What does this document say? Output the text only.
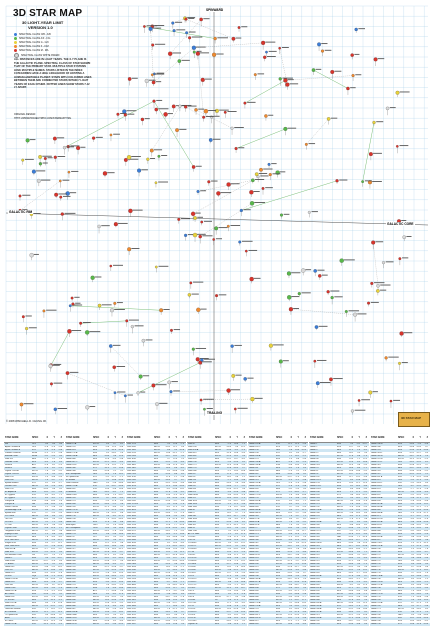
3D STAR MAP
30 LIGHT-YEAR LIMIT
VERSION 1.0
SPECTRAL CLASS O/B - A/B
SPECTRAL CLASS A/F - F/G
SPECTRAL CLASS G - G/K
SPECTRAL CLASS K - K/M
SPECTRAL CLASS M - M/L
SPECTRAL CLASS WHITE DWARF
ALL DISTANCES ARE IN LIGHT YEARS. THE X-Y PLANE IS THE GALACTIC PLANE. SPECTRAL CLASS OF STAR SHOWN THAT OF THE PRIMARY STAR. MULTIPLE STAR SYSTEMS HAVE MULTIPLE NAMES. STARS LISTED IN THE INDEX CATEGORIES HAVE A HIGH LIKELIHOOD OF HOSTING A HUMAN-HABITABLE PLANET. STARS WITH COLOURED LINES BETWEEN THEM ARE CONNECTED STARS WITHIN 7 LIGHT YEARS OF EACH OTHER. DOTTED LINES SHOW STARS 7-12 LY APART.
ORIGINAL DESIGN:
HTTP://WWW.PROJECTRHO.COM/STARMAP.HTML
SPINWARD
TRAILING
GALACTIC RIM
GALACTIC CORE
© 2008 WINCHELL D. CHUNG JR.
3D STAR MAP
STAR NAME	SPEC	X	Y	Z
Sol	G2V	0.0	0.0	0.0
Alpha Centauri A	G2V	-1.6	-1.4	-3.8
Alpha Centauri B	K1V	-1.6	-1.4	-3.8
Proxima Centauri	M5Ve	-1.5	-1.2	-3.8
Barnard's Star	M4Ve	-0.1	-5.9	0.5
Wolf 359	M6V	-7.4	2.2	1.0
Lalande 21185	M2V	-6.5	1.6	4.9
Sirius A	A1V	-1.6	8.1	-2.5
Sirius B	DA2	-1.6	8.1	-2.5
Luyten 726-8 A	M5.5V	7.6	3.5	-3.1
Luyten 726-8 B	M6V	7.6	3.5	-3.1
Ross 154	M3.5V	1.9	-8.6	-3.9
Ross 248	M5.5V	7.4	-0.7	7.2
Epsilon Eridani	K2V	6.2	8.3	-1.7
Lacaille 9352	M0.5V	8.5	-2.0	-6.3
Ross 128	M4V	-10.9	0.6	0.1
EZ Aquarii A	M5V	10.2	-3.7	-3.0
61 Cygni A	K5V	6.5	-6.1	7.1
61 Cygni B	K7V	6.5	-6.1	7.1
Procyon A	F5IV	-4.8	10.3	1.0
Procyon B	DA	-4.8	10.3	1.0
Struve 2398 A	M3V	1.1	-5.8	9.9
Groombridge 34 A	M1.5V	8.3	0.7	8.1
Epsilon Indi	K5V	5.7	-3.5	-9.3
DX Cancri	M6.5V	-6.4	8.4	5.2
Tau Ceti	G8V	10.3	5.0	-3.3
GJ 1061	M5.5V	5.1	7.1	-9.4
YZ Ceti	M4.5V	11.0	3.6	-3.5
Luyten's Star	M3.5V	-4.6	11.4	1.1
Teegarden's Star	M6.5V	8.7	8.2	3.6
Kapteyn's Star	M1V	1.9	8.8	-9.0
Lacaille 8760	M0V	7.6	-6.5	-8.1
SCR 1845-6357	M8.5V	1.0	-5.4	-11.2
Kruger 60 A	M3V	6.3	-2.7	11.1
DEN 1048-3956	M9V	-3.7	-2.8	-12.0
Ross 614 A	M4.5V	-1.7	13.2	-0.7
Wolf 1061	M3.5V	-5.1	-12.9	3.5
Van Maanen's Star	DG	13.7	2.9	1.3
Gliese 1	M3V	5.0	-0.2	-13.7
Wolf 424 A	M5.5V	-13.7	-1.4	4.3
TZ Arietis	M4.5V	12.3	3.2	6.5
Gliese 687	M3.5V	-0.6	-5.1	14.1
LHS 292	M6.5V	-11.0	10.0	0.5
Gliese 674	M3V	-4.5	-13.9	-1.6
GJ 440	DQ6	-6.6	-7.5	-12.0
Gliese 1245 A	M5.5V	5.3	-13.4	3.5
Gliese 876	M4V	14.9	-2.8	-2.7
LHS 288	M5.5V	-5.9	8.7	-11.3
Gliese 1002	M5.5V	14.3	-0.5	-7.0
Gliese 412 A	M1V	-7.9	-1.1	13.5
AD Leonis	M3V	-15.0	3.1	3.2
Gliese 832	M1.5V	10.2	-7.0	-9.6
LP 816-60	M4V	12.1	-11.9	-1.2
Stein 2051 A	M4V	8.0	7.8	12.6
Gliese 682	M4.5V	-2.1	-15.2	-5.2
Omicron2 Eridani	K0V	7.2	14.1	-2.1
EV Lacertae	M3.5V	11.1	-3.7	11.5
70 Ophiuchi A	K0V	0.4	-16.6	0.7
Altair	A7V	7.7	-14.6	2.6
EI Cancri	M5.5V	-11.3	11.5	5.8
Gliese 570 A	K4V	-11.5	-12.9	-2.5
STAR NAME	SPEC	X	Y	Z
Gliese 15 A	M1.5V	8.3	0.7	8.1
Gliese 229	M1V	-3.6	12.5	-8.8
Gliese 693	M2V	2.3	-11.4	-12.4
Gliese 752 A	M3V	4.5	-18.2	2.4
Gliese 338 A	M0V	-10.0	9.8	12.4
Gliese 866	M5V	12.8	-6.3	-9.8
Gliese 667 C	M1.5V	-12.1	-14.2	-4.9
Gliese 1116	M5.5V	-7.8	15.1	7.5
Gliese 380	K7V	-11.5	3.1	13.6
Gliese 388	M3V	-15.6	2.1	9.2
Eta Cassiopeiae	G0V	11.0	1.6	14.2
36 Ophiuchi A	K1V	-3.1	-17.1	-7.2
82 Eridani	G5V	5.1	10.8	-15.4
Delta Pavonis	G8IV	4.3	-5.6	-18.4
Gliese 783 A	K3V	9.1	-10.7	-14.6
Gliese 892	K3V	13.0	-4.6	14.4
Xi Bootis A	G8V	-16.2	-8.2	7.5
Gliese 1005	M4V	15.8	1.9	-10.7
Gliese 205	M1.5V	0.7	18.6	-4.5
Gliese 251	M3V	-5.5	17.8	4.3
Gliese 408	M2.5V	-18.3	-2.2	5.8
Gliese 526	M1.5V	-17.5	-6.0	5.2
Gliese 702 B	K4V	1.1	-17.0	-9.3
Gliese 1230 A	M4.5V	2.6	-19.1	4.8
Gliese 754	M4.5V	5.0	-8.2	-17.9
Gliese 784	K7V	7.0	-10.2	-16.5
Gliese 908	M1V	17.6	0.8	8.8
Beta Hydri	G2IV	5.1	1.0	-20.4
Mu Cassiopeiae	G5VI	14.0	3.0	14.8
Gliese 433	M1.5V	-16.9	-7.6	-8.3
Gliese 793	M3V	4.6	-9.6	18.4
Gliese 35	DZ7	14.1	9.3	-9.1
Gliese 83.1	M4.5V	13.1	9.4	11.7
Gliese 109	M3V	12.1	12.3	9.8
Gliese 299	M4V	-10.2	18.4	3.6
Gliese 317	M3.5V	-7.8	16.5	-11.2
Gliese 357	M2.5V	-12.6	14.3	-9.7
Gliese 398	M4V	-17.3	6.2	-9.4
Gliese 465	M2V	-14.1	-4.1	-14.9
Gliese 486	M3.5V	-19.8	-2.1	5.4
Gliese 514	M0.5V	-18.8	-6.5	5.7
Gliese 555	M4V	-12.1	-15.8	-3.7
Gliese 588	M2.5V	-9.1	-15.9	-9.3
Gliese 625	M1.5V	-2.8	-8.3	19.3
Gliese 628	M3.5V	-6.4	-18.9	2.2
Gliese 643	M3.5V	-5.8	-18.6	-3.1
Gliese 686	M1V	-0.5	-15.1	13.3
Gliese 701	M1V	2.0	-20.2	-2.5
Gliese 725 A	M3V	1.8	-6.4	10.4
Gliese 768	A7V	7.7	-14.6	2.6
Gliese 809	M0V	8.5	-8.2	17.4
Gliese 829	M3.5V	13.3	-13.1	5.9
Gliese 846	M0.5V	14.5	-13.4	-2.6
Gliese 849	M3.5V	15.6	-12.5	-3.2
Gliese 880	M1.5V	17.0	-8.3	6.6
Gliese 887	M0.5V	8.5	-2.0	-6.3
Gliese 896 A	M3.5V	13.4	-3.1	10.2
Gliese 9066	M5V	13.2	9.3	6.1
Gliese 3379	M3.5V	-2.7	16.3	-2.6
Gliese 3618	M5V	-15.6	6.2	-6.3
Gliese 4274	M4.5V	14.1	-3.0	-15.5
STAR NAME	SPEC	X	Y	Z
LHS 1723	M4V	3.5	15.6	-7.4
LHS 2090	M6.5V	-10.5	11.1	4.4
LHS 1565	M5.5V	8.6	9.9	-12.8
LHS 3799	M4.5V	10.8	-11.2	-7.2
LHS 2206	M4V	-14.7	10.2	3.9
LHS 1610	M5V	9.7	12.4	2.5
LHS 3262	M4V	-15.2	-5.3	-8.9
LHS 1805	M3.5V	-3.8	17.4	-6.2
LHS 1302	M4.5V	16.3	4.6	-6.1
LHS 3685	M4V	4.5	-14.6	-9.6
LHS 2159	M3V	-13.3	8.8	8.2
LHS 1134	M3V	17.6	1.1	-5.8
LHS 2320	M4.5V	-16.9	5.7	6.7
LHS 3001	M5V	-14.2	-10.3	-4.4
LHS 1474	M4V	11.5	10.0	-10.3
LHS 3376	M4.5V	-8.1	-13.8	10.2
LHS 2784	M3V	-17.8	-5.6	-4.1
LHS 1005	M4V	15.4	-1.3	-11.5
LHS 3739	M4V	8.9	-15.4	-2.6
LHS 2945	M3.5V	-15.4	-9.7	6.4
LHS 1723 B	M5V	3.5	15.6	-7.4
LHS 1951	M4V	-6.1	17.9	5.3
LHS 3853	M3V	12.1	-12.7	5.1
LHS 2520	M3.5V	-18.4	2.1	-7.4
LHS 1049	M4V	16.8	-3.3	8.6
LHS 3583	M3V	1.6	-17.8	8.2
LHS 2397	M8V	-17.2	2.6	-10.3
LHS 1378	M3V	12.6	7.7	-12.4
LHS 3056	M4V	-12.8	-13.5	4.9
LHS 2471	M4.5V	-16.1	7.3	-9.2
LHS 1197	M3.5V	16.5	-1.2	10.4
LHS 3343	M4V	-6.3	-16.6	-9.6
LHS 2686	M4.5V	-19.2	-2.4	6.1
LHS 1633	M3V	8.1	14.9	-8.3
LHS 3492	M4V	-1.5	-14.2	-14.1
LHS 2064	M4V	-10.8	15.3	-5.4
LHS 1287	M3.5V	15.2	5.9	11.2
LHS 3151	M4.5V	-12.7	-11.8	-10.2
LHS 1885	M4V	-3.2	19.7	1.8
LHS 3629	M3.5V	3.7	-13.5	-14.3
LHS 2364	M3V	-14.9	9.8	-8.4
LHS 1058	M4V	18.5	-2.6	-7.1
LHS 3780	M3.5V	9.7	-16.5	4.2
LHS 2565	M4.5V	-19.6	0.9	-6.8
LHS 1375	M4V	13.8	11.4	7.9
LHS 3128	M3.5V	-12.4	-14.8	-6.6
LHS 1930	M4V	-4.7	18.9	-7.1
LHS 3689	M3V	5.9	-16.1	-11.6
LHS 2229	M4V	-13.5	11.7	9.2
LHS 1203	M4.5V	17.3	-0.7	-9.8
LHS 3421	M3.5V	-3.6	-18.2	8.9
LHS 2758	M4V	-18.7	-4.3	-7.8
LHS 1501	M3V	10.8	13.5	-9.2
LHS 3212	M4.5V	-9.8	-15.7	8.4
LHS 1989	M4V	-7.7	16.4	9.9
LHS 3742	M3.5V	7.8	-17.2	-5.1
LHS 2428	M4V	-16.2	8.6	9.7
LHS 1124	M3V	18.2	3.4	7.8
LHS 3569	M4.5V	1.2	-19.1	-7.3
LHS 2627	M3.5V	-20.3	-1.5	2.7
LHS 1547	M4V	10.3	15.8	5.9
STAR NAME	SPEC	X	Y	Z
Ross 47	M4V	-2.9	18.8	7.2
Ross 104	M2.5V	-16.4	3.6	12.1
Ross 458 A	M0.5V	-19.0	-4.2	-1.3
Ross 619	M5V	-11.6	14.8	-4.9
Ross 682	M3.5V	-12.9	14.2	5.3
Ross 695	M4V	-15.1	10.7	-6.2
Ross 730	M2V	-5.9	-19.4	4.1
Ross 775	M3.5V	11.4	-15.8	-3.9
Ross 776	M3V	12.6	-14.9	2.7
Ross 986	M5V	-1.2	10.5	14.8
Ross 33	M3V	17.4	5.1	-4.7
Ross 34	M3.5V	16.2	9.8	1.1
Wolf 294	M4V	-7.1	19.0	-0.8
Wolf 358	M4V	-16.9	5.8	-8.4
Wolf 437	M4V	-18.4	-7.7	-3.2
Wolf 498	M3V	-15.6	-12.2	3.4
Wolf 629	M4V	-4.3	-19.6	-0.8
Wolf 630 A	M4V	-4.4	-19.5	-1.0
Wolf 922	M4.5V	14.9	-10.1	-7.3
Wolf 1055	M3.5V	5.9	-14.7	13.1
Wolf 1453	M1.5V	-1.5	17.9	-9.4
Wolf 1481	M3V	7.8	13.7	-10.9
Wolf 46	M4V	19.2	1.6	-4.9
Wolf 47	M5V	18.1	3.7	7.9
Wolf 940	M4V	16.1	-11.7	-3.6
Wolf 1069	M5V	3.4	-8.2	17.9
Wolf 489	DC9	-19.4	-4.6	6.1
Wolf 562	M3V	-17.3	-11.2	-2.1
Wolf 28	DZ7	14.1	9.3	-9.1
Wolf 1130	M2V	9.5	-11.4	11.8
AC+79 3888	M4V	1.2	4.1	17.3
G 99-49	M4V	-2.6	17.5	-1.0
G 41-14	M3.5V	-14.8	12.6	-0.7
G 208-44	M5.5V	4.9	-6.2	15.1
G 161-71	M4.5V	-15.2	9.1	-8.3
G 180-60	M3.5V	-9.3	-10.1	14.6
G 7-34	M4V	13.5	12.1	-2.9
G 89-32	M5V	-6.8	17.2	4.1
G 131-26	M4V	16.4	-4.8	9.3
G 188-38	M4V	12.8	-7.9	13.1
G 9-38 A	M7V	-12.7	13.8	5.2
G 244-47	M5V	10.1	7.8	16.3
G 203-47	M3.5V	-3.8	-12.2	15.2
G 158-27	M5.5V	15.7	1.0	-5.9
G 32-5	M4V	17.3	4.4	-9.4
G 239-25	M2V	-4.6	4.3	18.8
G 264-12	M4.5V	6.8	-2.4	18.6
G 227-22	M5V	-3.9	-7.2	18.1
G 196-3	M2.5V	-11.5	6.9	14.7
G 87-9	M4V	-5.3	19.4	2.8
G 83-29	M4V	8.2	17.9	-1.6
G 41-8	M3.5V	-17.7	9.4	-3.8
G 99-44	DZ	-2.4	17.9	-2.7
G 272-61	M4V	17.1	6.5	-8.2
G 1-21	M3V	19.6	-1.8	2.9
G 24-16	M3.5V	14.3	-12.6	-5.4
G 169-29	M4V	-13.7	-5.8	13.9
G 102-4	M4V	-4.1	19.2	-3.5
G 111-47	M3V	-8.8	14.5	11.3
G 123-45	M4V	-18.1	-1.9	9.2
Luyten's B	M5V	-4.6	11.4	1.1
STAR NAME	SPEC	X	Y	Z
Gliese 105 A	K3V	11.2	11.5	-5.4
Gliese 105 C	M7V	11.2	11.5	-5.4
Gliese 139	G8V	2.8	13.0	-15.5
Gliese 144	K2V	6.2	8.3	-1.7
Gliese 166 A	K0V	7.2	14.1	-2.1
Gliese 191	M1V	1.9	8.8	-9.0
Gliese 244 A	A1V	-1.6	8.1	-2.5
Gliese 280 A	F5IV	-4.8	10.3	1.0
Gliese 411	M2V	-6.5	1.6	4.9
Gliese 406	M6V	-7.4	2.2	1.0
Gliese 447	M4V	-10.9	0.6	0.1
Gliese 473 A	M5.5V	-13.7	-1.4	4.3
Gliese 551	M5.5V	-1.5	-1.2	-3.8
Gliese 559 A	G2V	-1.6	-1.4	-3.8
Gliese 559 B	K1V	-1.6	-1.4	-3.8
Gliese 699	M4V	-0.1	-5.9	0.5
Gliese 710	K7V	-2.1	-30.2	-1.7
Gliese 725 B	M3.5V	1.8	-6.4	10.4
Gliese 729	M3.5V	1.9	-8.6	-3.9
Gliese 820 A	K5V	6.5	-6.1	7.1
Gliese 820 B	K7V	6.5	-6.1	7.1
Gliese 845	K5V	5.7	-3.5	-9.3
Gliese 860 A	M3V	6.3	-2.7	11.1
Gliese 866 B	M5V	10.2	-3.7	-3.0
Gliese 905	M5.5V	7.4	-0.7	7.2
Gliese 15 B	M3.5V	8.3	0.7	8.1
Gliese 65 A	M5.5V	7.6	3.5	-3.1
Gliese 65 B	M6V	7.6	3.5	-3.1
Gliese 71	G8V	10.3	5.0	-3.3
Gliese 83.1 B	M4.5V	13.1	9.4	11.7
Gliese 273	M3.5V	-4.6	11.4	1.1
Gliese 285	M4.5V	-7.5	13.1	2.4
Gliese 300	M3.5V	-6.3	12.9	-10.1
Gliese 367	M1V	-8.5	6.9	-12.3
Gliese 382	M1.5V	-14.7	4.3	-7.9
Gliese 393	M2V	-16.1	2.8	4.6
Gliese 402	M4V	-15.3	2.2	-8.0
Gliese 413.1	M2V	-16.7	-0.6	-9.1
Gliese 431	M3.5V	-13.1	-4.9	-12.6
Gliese 436	M2.5V	-17.9	-3.7	12.4
Gliese 450	M1.5V	-14.8	-2.1	15.0
Gliese 479	M3V	-12.6	-11.7	-9.9
Gliese 494	M0.5V	-19.3	-6.2	-0.4
Gliese 518	M4V	-20.1	-3.4	4.7
Gliese 536	M1V	-18.0	-9.3	-4.8
Gliese 569 A	M2.5V	-16.7	-11.4	2.3
Gliese 617 A	M1V	-9.1	-13.4	12.6
Gliese 623	M2.5V	-8.8	-16.7	2.9
Gliese 638	K7V	-4.6	-16.1	9.9
Gliese 649	M1.5V	-4.2	-17.2	-7.1
Gliese 655	M3V	-3.1	-18.6	-5.8
Gliese 680	M1.5V	-0.9	-19.0	-7.7
Gliese 694	M2.5V	1.2	-10.7	17.1
Gliese 720 A	M0.5V	3.1	-16.8	10.5
Gliese 745 A	M2V	3.9	-20.2	-2.1
Gliese 781	M3V	6.1	-18.5	1.4
Gliese 804	M1V	9.2	-17.6	-4.0
Gliese 811.1	M2.5V	12.3	-15.9	-1.2
Gliese 832 B	M1.5V	10.2	-7.0	-9.6
Gliese 872	M2V	17.5	-7.1	4.8
Gliese 899	M2.5V	16.8	-5.3	-8.9
STAR NAME	SPEC	X	Y	Z
Gliese 1	M3V	5.0	-0.2	-13.7
Gliese 2	M1V	15.7	0.9	8.8
Gliese 9	M0V	17.9	1.4	-6.1
Gliese 12	M4V	18.1	3.9	3.4
Gliese 26	M2.5V	17.8	4.8	-7.3
Gliese 48	M3V	13.4	7.1	12.5
Gliese 49	M1.5V	12.0	6.5	14.6
Gliese 54.1	M4.5V	11.0	3.6	-3.5
Gliese 70	M2V	16.4	8.0	-7.1
Gliese 87	M1.5V	14.8	10.6	-3.1
Gliese 91	M2.5V	13.7	12.2	2.3
Gliese 102	M4V	11.7	13.2	-4.6
Gliese 114.1	M4V	8.9	13.6	-10.1
Gliese 133	M2V	10.3	11.2	11.0
Gliese 155.1	M3V	4.2	16.9	-8.0
Gliese 169.1	M4V	6.4	18.6	-0.9
Gliese 180	M2V	1.1	17.5	-9.2
Gliese 185	K7V	0.6	16.3	-12.1
Gliese 203	M3.5V	3.9	18.2	6.4
Gliese 208	M0.5V	0.4	19.8	-1.6
Gliese 213	M4V	1.8	18.9	4.7
Gliese 232	M4.5V	-1.4	19.6	-3.9
Gliese 234 A	M4.5V	-2.0	13.3	-0.5
Gliese 268	M4.5V	-5.6	18.9	6.0
Gliese 270	M0V	-6.9	17.3	-9.3
Gliese 277	M3.5V	-7.8	17.9	3.8
Gliese 283 A	DZ	-3.5	8.9	-3.3
Gliese 289	M2V	-8.8	16.4	8.1
Gliese 293	DQ9	-10.6	5.9	-7.8
Gliese 297.2	F6V	-9.1	17.2	-6.7
Gliese 309	K0V	-11.8	15.1	-4.3
Gliese 318	DA5	-13.4	7.2	-11.6
Gliese 328	M0V	-14.3	12.7	1.9
Gliese 338 B	M0V	-10.0	9.8	12.4
Gliese 341	M0V	-11.7	10.1	-13.8
Gliese 352 A	M3V	-16.5	10.3	-1.2
Gliese 361	M1.5V	-16.6	8.3	7.2
Gliese 370	K5V	-14.0	5.1	-13.7
Gliese 377	M3V	-18.0	5.2	-6.9
Gliese 379	M1V	-17.2	4.6	9.5
Gliese 390	M1V	-18.4	3.4	-7.3
Gliese 399	M2.5V	-19.2	3.0	5.6
Gliese 403	M3.5V	-15.2	2.0	13.1
Gliese 410	M0V	-16.5	-1.7	10.9
Gliese 414 A	K7V	-17.6	-0.4	9.7
Gliese 424	M0V	-18.2	-1.1	8.7
Gliese 430.1	M3V	-19.6	-2.9	-4.1
Gliese 445	M3.5V	-6.1	0.5	17.0
Gliese 452 A	M2V	-17.2	-6.7	-8.0
Gliese 459	M2V	-18.8	-4.3	6.8
Gliese 464	M2.5V	-16.3	-9.8	-7.2
Gliese 480	M3.5V	-19.2	-5.8	-0.8
Gliese 488	M0V	-17.8	-8.1	5.9
Gliese 490 A	M0.5V	-14.8	-9.5	11.3
Gliese 505 A	K2V	-16.5	-7.4	9.1
Gliese 508 A	M1V	-15.1	-9.8	10.0
Gliese 512 A	M3V	-18.3	-9.1	0.1
Gliese 521	M1.5V	-12.1	-5.3	15.6
Gliese 528 A	K0V	-17.9	-10.6	-1.5
Gliese 532	M0V	-18.7	-9.1	-3.2
Gliese 533	M2V	-19.0	-8.8	4.0
STAR NAME	SPEC	X	Y	Z
Gliese 536 B	M1V	-18.0	-9.3	-4.8
Gliese 540	M2V	-18.6	-10.5	0.7
Gliese 553	M1V	-13.0	-12.8	-10.4
Gliese 563.2	M1V	-15.1	-12.7	4.3
Gliese 569 B	M8.5V	-16.7	-11.4	2.3
Gliese 570 B	M1.5V	-11.5	-12.9	-2.5
Gliese 579.2	G5V	-14.2	-13.1	6.1
Gliese 581	M3V	-13.8	-12.1	5.7
Gliese 582	M0V	-10.7	-14.9	-9.4
Gliese 595	M3V	-10.4	-15.8	-5.1
Gliese 597	M1V	-13.1	-15.2	2.1
Gliese 611 A	K0V	-7.8	-15.2	-10.0
Gliese 615	G5V	-5.2	-17.5	-9.3
Gliese 616.2	K4V	-9.2	-16.9	6.0
Gliese 620.1	G0V	-6.7	-13.1	-14.7
Gliese 631	K0V	-7.7	-17.4	-2.6
Gliese 633	M2.5V	-3.9	-19.0	-6.3
Gliese 637	M0V	-5.1	-15.2	13.1
Gliese 644 A	M3V	-5.6	-17.9	3.1
Gliese 654	M2V	-2.8	-19.3	-4.6
Gliese 661 A	M3V	-3.2	-15.0	13.1
Gliese 663 A	K0V	-3.1	-17.1	-7.2
Gliese 664	K5V	-2.3	-15.9	-13.4
Gliese 666 A	G8V	-1.4	-12.6	-17.5
Gliese 673	K7V	-1.7	-19.7	-1.9
Gliese 674 B	M3V	-4.5	-13.9	-1.6
Gliese 676 A	M0V	-0.6	-14.8	-15.0
Gliese 678.1	M1V	-0.8	-19.1	5.9
Gliese 684	G0V	1.0	-19.2	8.0
Gliese 688	K3V	-0.1	-18.2	10.5
Gliese 690	M1V	0.4	-20.5	-2.4
Gliese 695 A	G5IV	0.6	-15.0	15.2
Gliese 697	K0V	1.4	-20.3	3.8
Gliese 700.2	M1V	1.9	-17.9	-11.3
Gliese 702 A	K0V	1.1	-17.0	-9.3
Gliese 706	G0V	1.9	-19.4	7.8
Gliese 708	M1V	2.7	-20.1	-4.7
Gliese 712	M2.5V	3.2	-19.0	-7.8
Gliese 716	M4V	3.8	-18.6	-9.0
Gliese 722	G0V	4.0	-16.7	-12.4
Gliese 726	M1V	4.4	-20.4	0.3
Gliese 727	M1V	4.7	-19.8	4.6
Gliese 730	M3.5V	5.1	-17.9	10.2
Gliese 735	M3V	5.7	-19.5	1.8
Gliese 738 A	K0V	6.2	-18.4	-6.7
Gliese 740	M0.5V	6.5	-19.0	1.5
Gliese 745 B	M2V	3.9	-20.2	-2.1
Gliese 747 A	M3V	6.9	-18.6	-5.4
Gliese 748	M3.5V	7.1	-19.2	-0.3
Gliese 751	M0V	7.4	-18.3	5.7
Gliese 752 B	M8V	4.5	-18.2	2.4
Gliese 755	K5V	7.9	-16.6	-9.8
Gliese 764	K0V	2.4	-6.3	19.5
Gliese 765 A	K2V	8.7	-17.9	1.0
Gliese 769	M0V	9.1	-17.7	-3.6
Gliese 773	M2.5V	9.4	-16.2	8.5
Gliese 776	K3V	9.8	-17.5	2.5
Gliese 780	G8IV	4.3	-5.6	-18.4
Gliese 785	K0V	10.1	-10.3	-14.4
Gliese 786	M1V	10.3	-16.5	-4.2
Gliese 798	K7V	10.8	-11.6	-13.0
